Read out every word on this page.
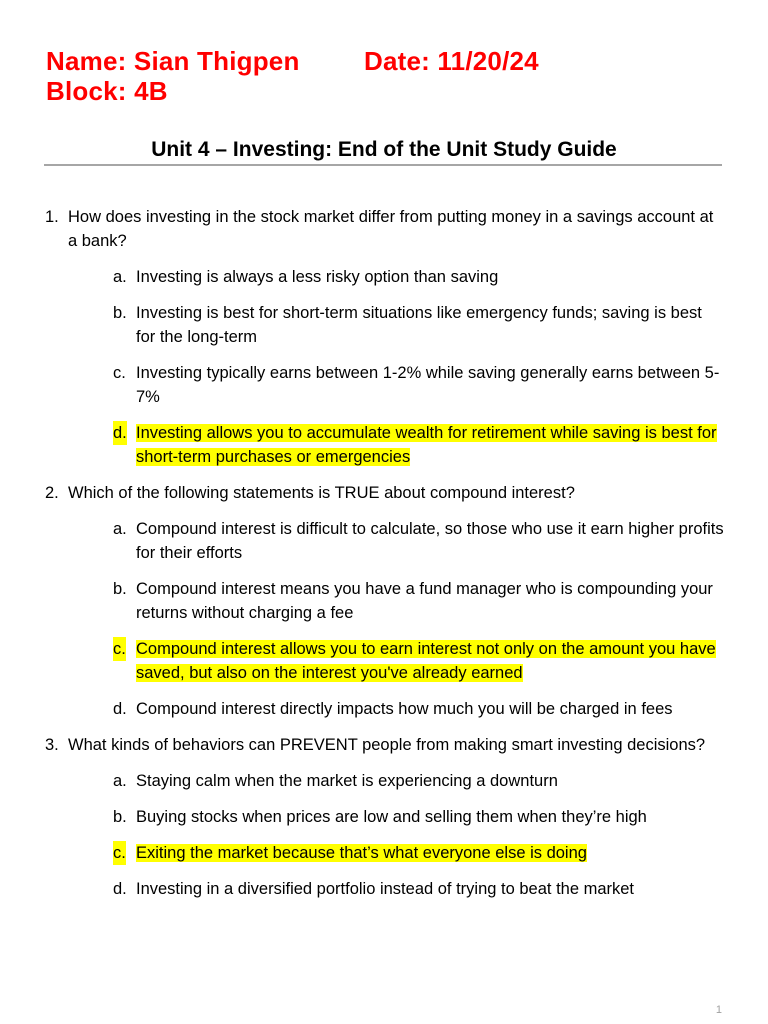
Name: Sian Thigpen Date: 11/20/24Block: 4B
Unit 4 – Investing: End of the Unit Study Guide
1. How does investing in the stock market differ from putting money in a savings account at a bank?
a. Investing is always a less risky option than saving
b. Investing is best for short-term situations like emergency funds; saving is best for the long-term
c. Investing typically earns between 1-2% while saving generally earns between 5-7%
d. Investing allows you to accumulate wealth for retirement while saving is best for short-term purchases or emergencies
2. Which of the following statements is TRUE about compound interest?
a. Compound interest is difficult to calculate, so those who use it earn higher profits for their efforts
b. Compound interest means you have a fund manager who is compounding your returns without charging a fee
c. Compound interest allows you to earn interest not only on the amount you have saved, but also on the interest you've already earned
d. Compound interest directly impacts how much you will be charged in fees
3. What kinds of behaviors can PREVENT people from making smart investing decisions?
a. Staying calm when the market is experiencing a downturn
b. Buying stocks when prices are low and selling them when they’re high
c. Exiting the market because that’s what everyone else is doing
d. Investing in a diversified portfolio instead of trying to beat the market
1
